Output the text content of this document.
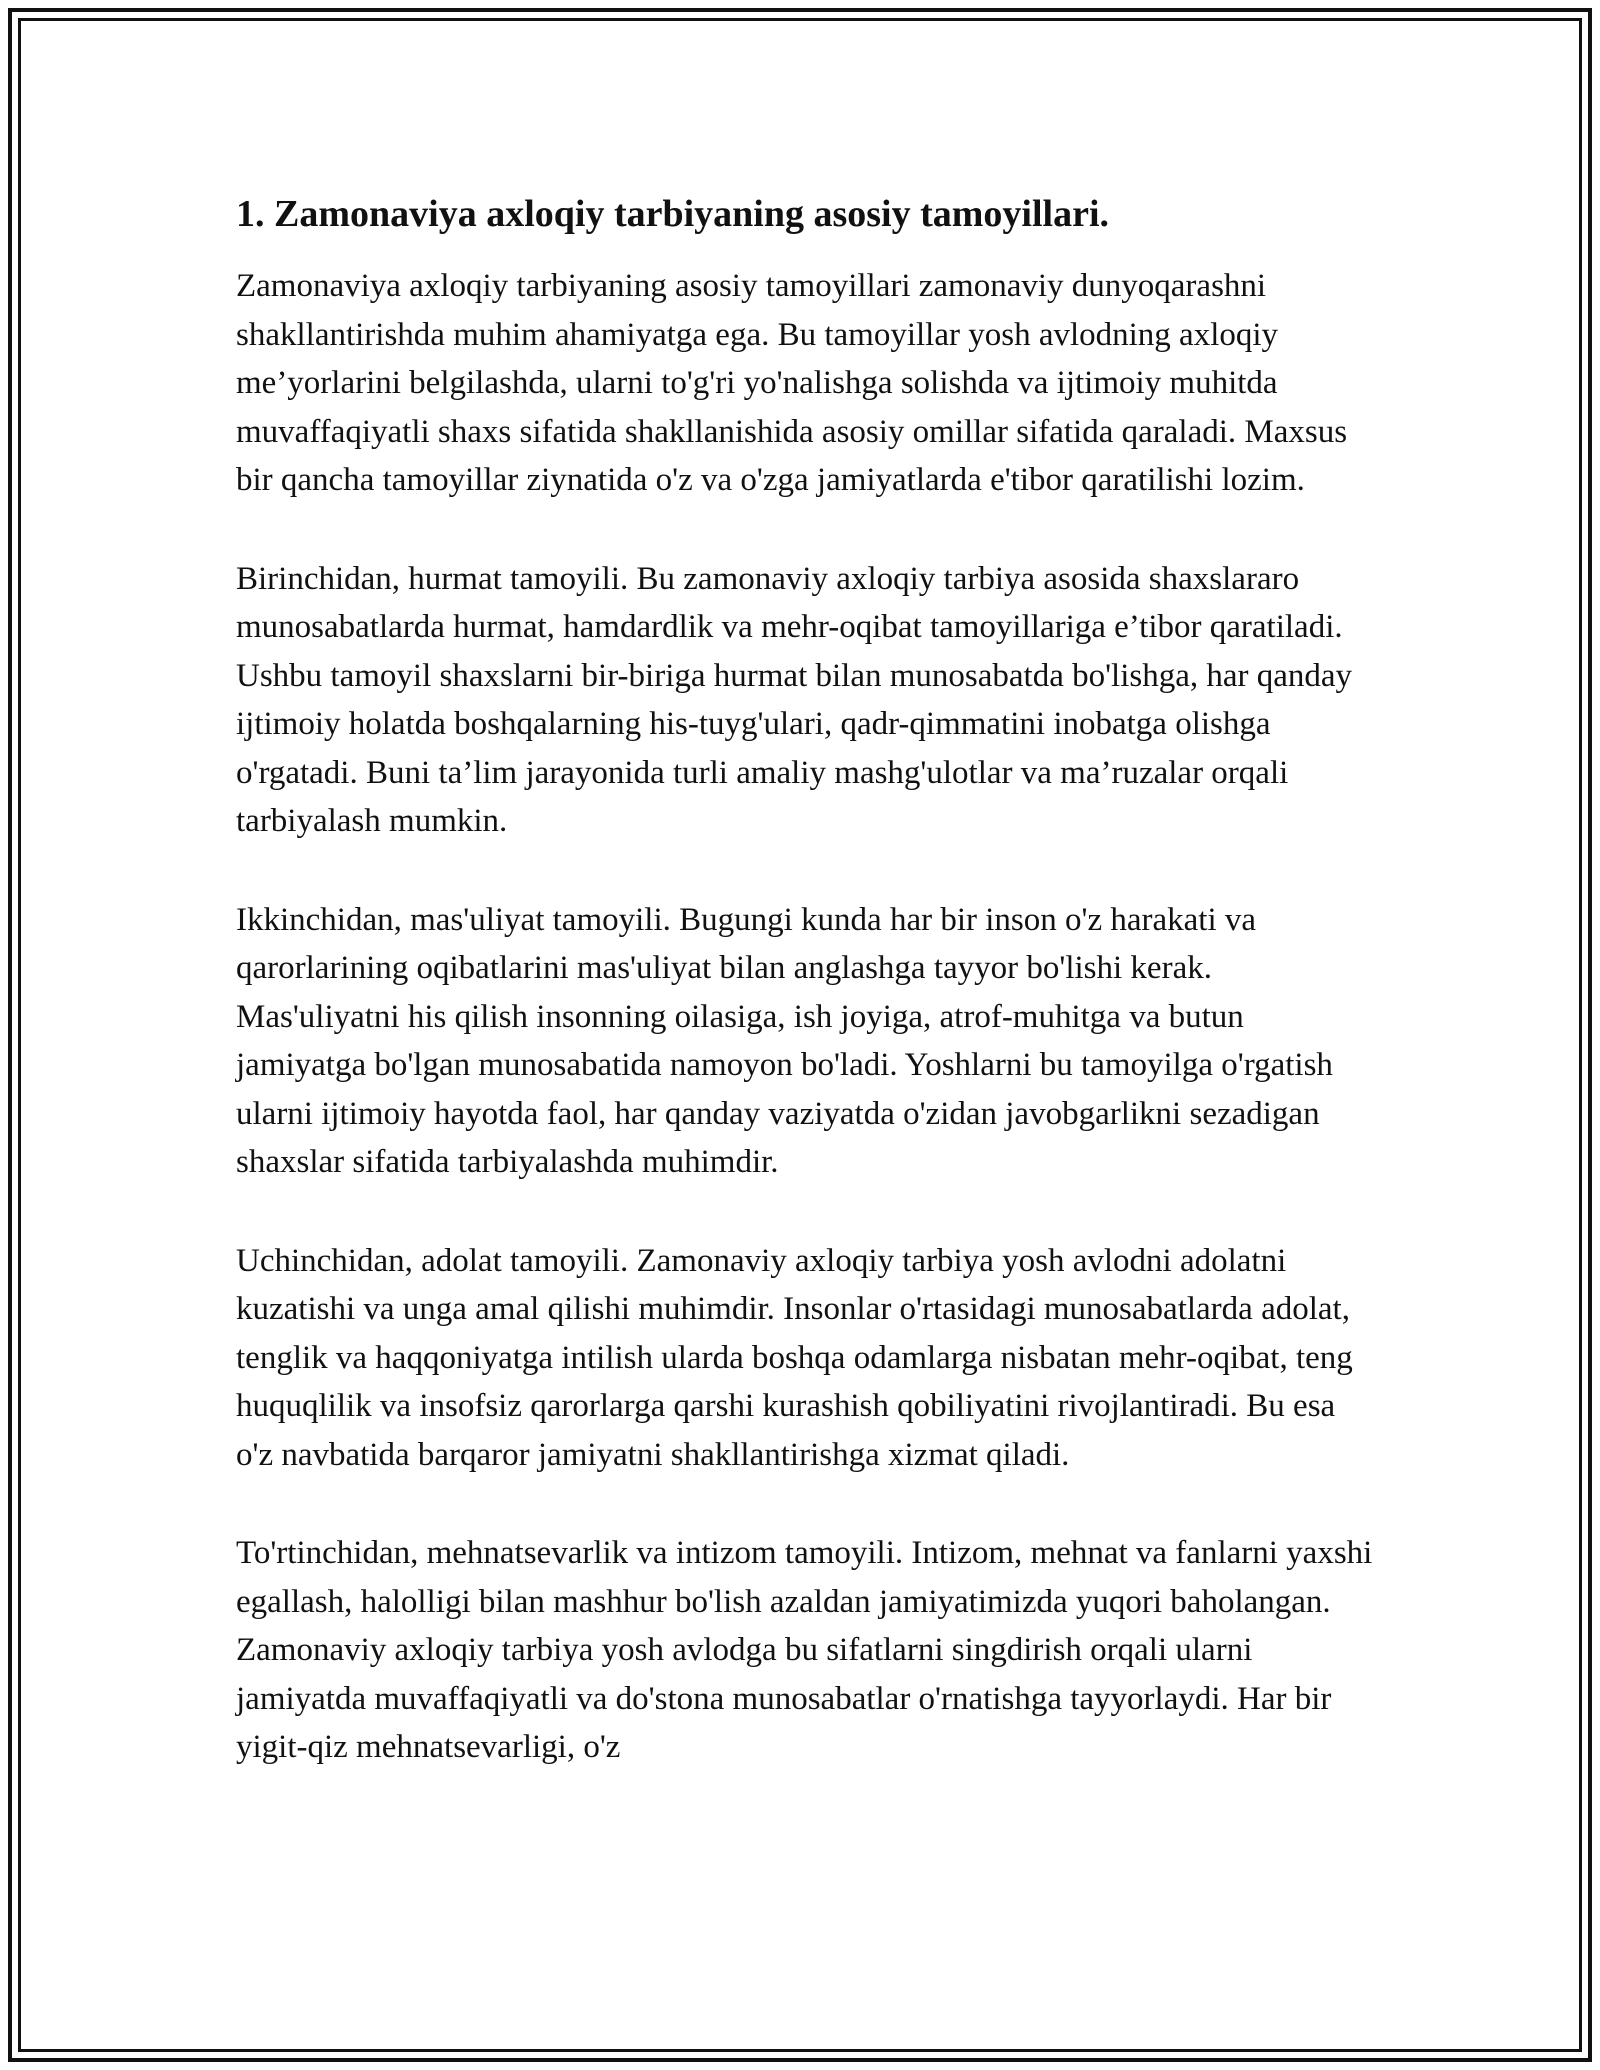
1. Zamonaviya axloqiy tarbiyaning asosiy tamoyillari.

Zamonaviya axloqiy tarbiyaning asosiy tamoyillari zamonaviy dunyoqarashni shakllantirishda muhim ahamiyatga ega. Bu tamoyillar yosh avlodning axloqiy me’yorlarini belgilashda, ularni to'g'ri yo'nalishga solishda va ijtimoiy muhitda muvaffaqiyatli shaxs sifatida shakllanishida asosiy omillar sifatida qaraladi. Maxsus bir qancha tamoyillar ziynatida o'z va o'zga jamiyatlarda e'tibor qaratilishi lozim.

Birinchidan, hurmat tamoyili. Bu zamonaviy axloqiy tarbiya asosida shaxslararo munosabatlarda hurmat, hamdardlik va mehr-oqibat tamoyillariga e’tibor qaratiladi. Ushbu tamoyil shaxslarni bir-biriga hurmat bilan munosabatda bo'lishga, har qanday ijtimoiy holatda boshqalarning his-tuyg'ulari, qadr-qimmatini inobatga olishga o'rgatadi. Buni ta’lim jarayonida turli amaliy mashg'ulotlar va ma’ruzalar orqali tarbiyalash mumkin.

Ikkinchidan, mas'uliyat tamoyili. Bugungi kunda har bir inson o'z harakati va qarorlarining oqibatlarini mas'uliyat bilan anglashga tayyor bo'lishi kerak. Mas'uliyatni his qilish insonning oilasiga, ish joyiga, atrof-muhitga va butun jamiyatga bo'lgan munosabatida namoyon bo'ladi. Yoshlarni bu tamoyilga o'rgatish ularni ijtimoiy hayotda faol, har qanday vaziyatda o'zidan javobgarlikni sezadigan shaxslar sifatida tarbiyalashda muhimdir.

Uchinchidan, adolat tamoyili. Zamonaviy axloqiy tarbiya yosh avlodni adolatni kuzatishi va unga amal qilishi muhimdir. Insonlar o'rtasidagi munosabatlarda adolat, tenglik va haqqoniyatga intilish ularda boshqa odamlarga nisbatan mehr-oqibat, teng huquqlilik va insofsiz qarorlarga qarshi kurashish qobiliyatini rivojlantiradi. Bu esa o'z navbatida barqaror jamiyatni shakllantirishga xizmat qiladi.

To'rtinchidan, mehnatsevarlik va intizom tamoyili. Intizom, mehnat va fanlarni yaxshi egallash, halolligi bilan mashhur bo'lish azaldan jamiyatimizda yuqori baholangan. Zamonaviy axloqiy tarbiya yosh avlodga bu sifatlarni singdirish orqali ularni jamiyatda muvaffaqiyatli va do'stona munosabatlar o'rnatishga tayyorlaydi. Har bir yigit-qiz mehnatsevarligi, o'z
